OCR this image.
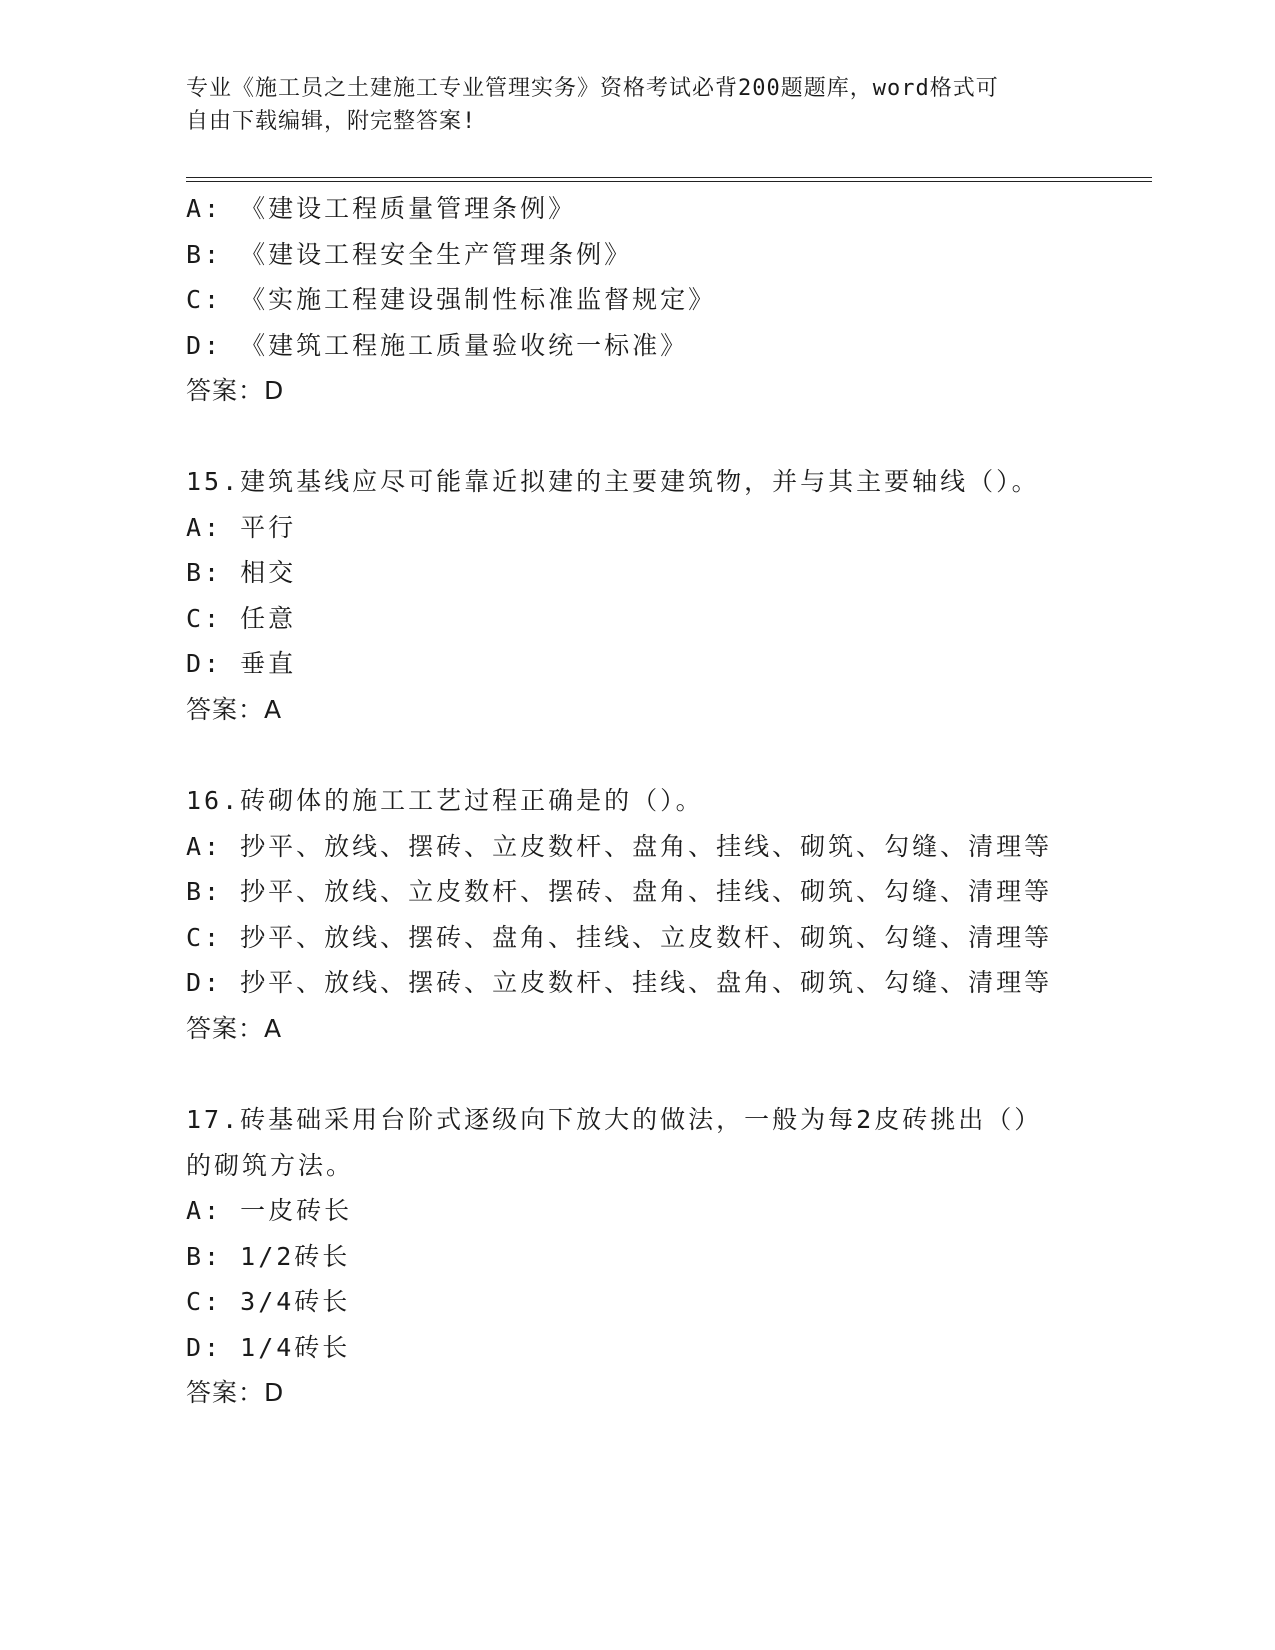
专业《施工员之土建施工专业管理实务》资格考试必背200题题库，word格式可
自由下载编辑，附完整答案!
A: 《建设工程质量管理条例》
B: 《建设工程安全生产管理条例》
C: 《实施工程建设强制性标准监督规定》
D: 《建筑工程施工质量验收统一标准》
答案：D
15.建筑基线应尽可能靠近拟建的主要建筑物，并与其主要轴线（）。
A: 平行
B: 相交
C: 任意
D: 垂直
答案：A
16.砖砌体的施工工艺过程正确是的（）。
A: 抄平、放线、摆砖、立皮数杆、盘角、挂线、砌筑、勾缝、清理等
B: 抄平、放线、立皮数杆、摆砖、盘角、挂线、砌筑、勾缝、清理等
C: 抄平、放线、摆砖、盘角、挂线、立皮数杆、砌筑、勾缝、清理等
D: 抄平、放线、摆砖、立皮数杆、挂线、盘角、砌筑、勾缝、清理等
答案：A
17.砖基础采用台阶式逐级向下放大的做法，一般为每2皮砖挑出（）
的砌筑方法。
A: 一皮砖长
B: 1/2砖长
C: 3/4砖长
D: 1/4砖长
答案：D
